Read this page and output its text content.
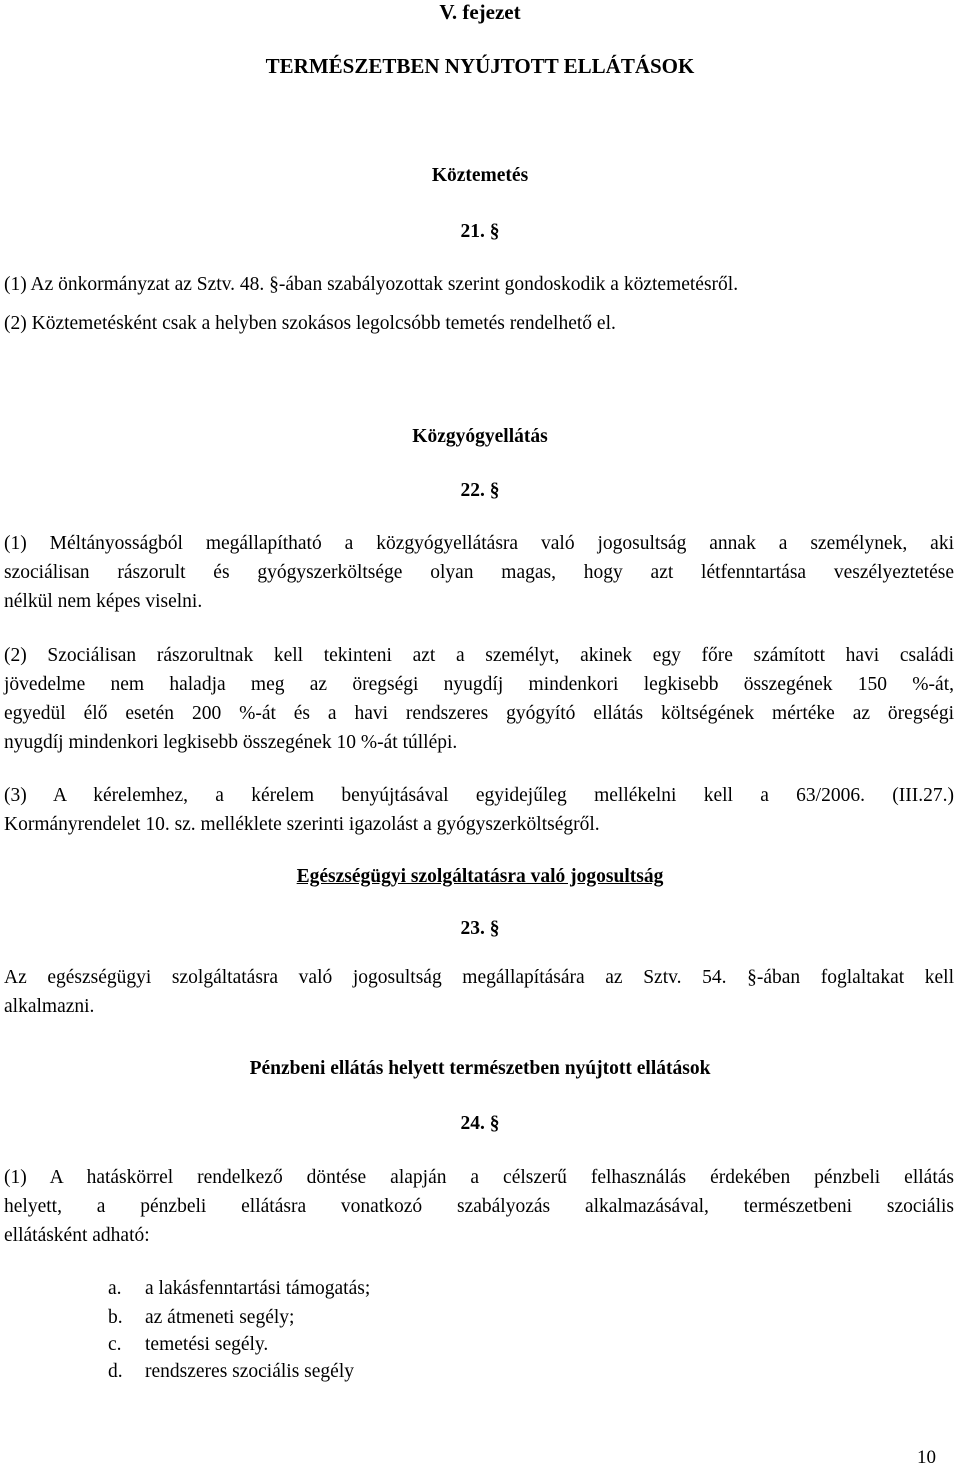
V. fejezet
TERMÉSZETBEN NYÚJTOTT ELLÁTÁSOK
Köztemetés
21. §
(1) Az önkormányzat az Sztv. 48. §-ában szabályozottak szerint gondoskodik a köztemetésről.
(2) Köztemetésként csak a helyben szokásos legolcsóbb temetés rendelhető el.
Közgyógyellátás
22. §
(1) Méltányosságból megállapítható a közgyógyellátásra való jogosultság annak a személynek, aki
szociálisan rászorult és gyógyszerköltsége olyan magas, hogy azt létfenntartása veszélyeztetése
nélkül nem képes viselni.
(2) Szociálisan rászorultnak kell tekinteni azt a személyt, akinek egy főre számított havi családi
jövedelme nem haladja meg az öregségi nyugdíj mindenkori legkisebb összegének 150 %-át,
egyedül élő esetén 200 %-át és a havi rendszeres gyógyító ellátás költségének mértéke az öregségi
nyugdíj mindenkori legkisebb összegének 10 %-át túllépi.
(3) A kérelemhez, a kérelem benyújtásával egyidejűleg mellékelni kell a 63/2006. (III.27.)
Kormányrendelet 10. sz. melléklete szerinti igazolást a gyógyszerköltségről.
Egészségügyi szolgáltatásra való jogosultság
23. §
Az egészségügyi szolgáltatásra való jogosultság megállapítására az Sztv. 54. §-ában foglaltakat kell
alkalmazni.
Pénzbeni ellátás helyett természetben nyújtott ellátások
24. §
(1) A hatáskörrel rendelkező döntése alapján a célszerű felhasználás érdekében pénzbeli ellátás
helyett, a pénzbeli ellátásra vonatkozó szabályozás alkalmazásával, természetbeni szociális
ellátásként adható:
a. a lakásfenntartási támogatás;
b. az átmeneti segély;
c. temetési segély.
d. rendszeres szociális segély
10
